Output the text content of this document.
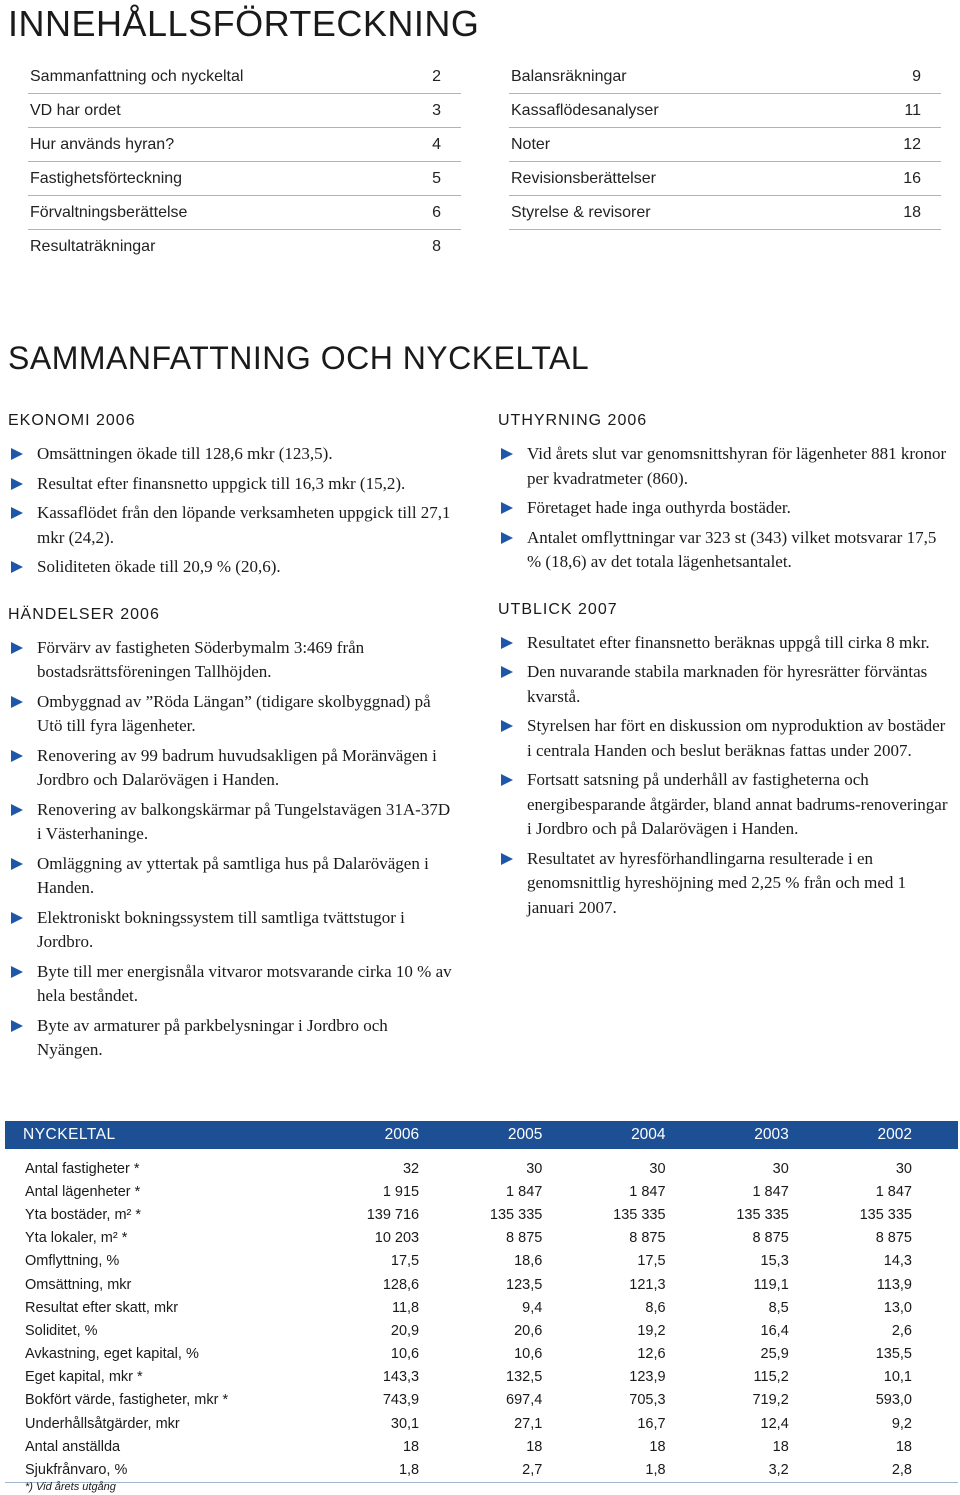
INNEHÅLLSFÖRTECKNING
Sammanfattning och nyckeltal	2
VD har ordet	3
Hur används hyran?	4
Fastighetsförteckning	5
Förvaltningsberättelse	6
Resultaträkningar	8
Balansräkningar	9
Kassaflödesanalyser	11
Noter	12
Revisionsberättelser	16
Styrelse & revisorer	18
SAMMANFATTNING OCH NYCKELTAL
EKONOMI 2006
Omsättningen ökade till 128,6 mkr (123,5).
Resultat efter finansnetto uppgick till 16,3 mkr (15,2).
Kassaflödet från den löpande verksamheten uppgick till 27,1 mkr (24,2).
Soliditeten ökade till 20,9 % (20,6).
HÄNDELSER 2006
Förvärv av fastigheten Söderbymalm 3:469 från bostadsrättsföreningen Tallhöjden.
Ombyggnad av ”Röda Längan” (tidigare skolbyggnad) på Utö till fyra lägenheter.
Renovering av 99 badrum huvudsakligen på Moränvägen i Jordbro och Dalarövägen i Handen.
Renovering av balkongskärmar på Tungelstavägen 31A-37D i Västerhaninge.
Omläggning av yttertak på samtliga hus på Dalarövägen i Handen.
Elektroniskt bokningssystem till samtliga tvättstugor i Jordbro.
Byte till mer energisnåla vitvaror motsvarande cirka 10 % av hela beståndet.
Byte av armaturer på parkbelysningar i Jordbro och Nyängen.
UTHYRNING 2006
Vid årets slut var genomsnittshyran för lägenheter 881 kronor per kvadratmeter (860).
Företaget hade inga outhyrda bostäder.
Antalet omflyttningar var 323 st (343) vilket motsvarar 17,5 % (18,6) av det totala lägenhetsantalet.
UTBLICK 2007
Resultatet efter finansnetto beräknas uppgå till cirka 8 mkr.
Den nuvarande stabila marknaden för hyresrätter förväntas kvarstå.
Styrelsen har fört en diskussion om nyproduktion av bostäder i centrala Handen och beslut beräknas fattas under 2007.
Fortsatt satsning på underhåll av fastigheterna och energibesparande åtgärder, bland annat badrums-renoveringar i Jordbro och på Dalarövägen i Handen.
Resultatet av hyresförhandlingarna resulterade i en genomsnittlig hyreshöjning med 2,25 % från och med 1 januari 2007.
NYCKELTAL	2006	2005	2004	2003	2002

Antal fastigheter *	32	30	30	30	30
Antal lägenheter *	1 915	1 847	1 847	1 847	1 847
Yta bostäder, m² *	139 716	135 335	135 335	135 335	135 335
Yta lokaler, m² *	10 203	8 875	8 875	8 875	8 875
Omflyttning, %	17,5	18,6	17,5	15,3	14,3
Omsättning, mkr	128,6	123,5	121,3	119,1	113,9
Resultat efter skatt, mkr	11,8	9,4	8,6	8,5	13,0
Soliditet, %	20,9	20,6	19,2	16,4	2,6
Avkastning, eget kapital, %	10,6	10,6	12,6	25,9	135,5
Eget kapital, mkr *	143,3	132,5	123,9	115,2	10,1
Bokfört värde, fastigheter, mkr *	743,9	697,4	705,3	719,2	593,0
Underhållsåtgärder, mkr	30,1	27,1	16,7	12,4	9,2
Antal anställda	18	18	18	18	18
Sjukfrånvaro, %	1,8	2,7	1,8	3,2	2,8
*) Vid årets utgång
